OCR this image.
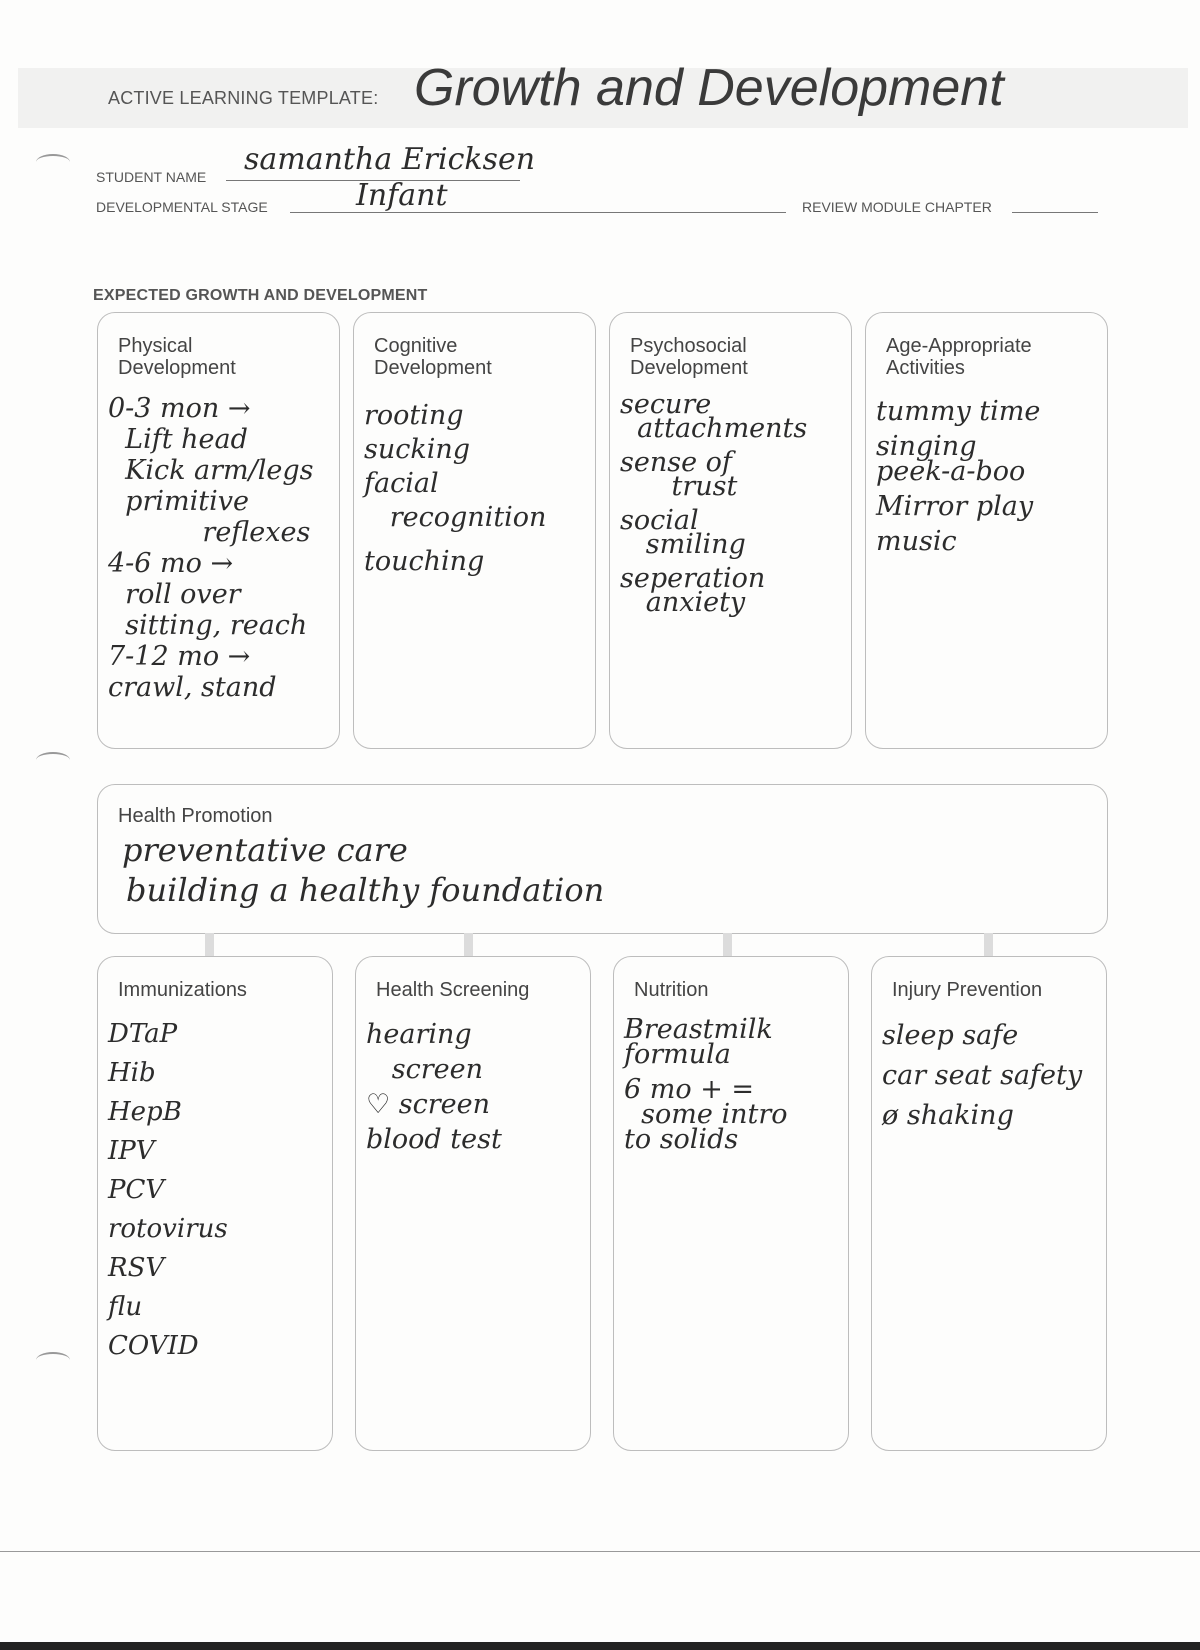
ACTIVE LEARNING TEMPLATE: Growth and Development
STUDENT NAME samantha Ericksen
DEVELOPMENTAL STAGE	Infant	REVIEW MODULE CHAPTER
EXPECTED GROWTH AND DEVELOPMENT
Physical
Development
0-3 mon →
Lift head
Kick arm/legs
primitive
reflexes
4-6 mo →
roll over
sitting, reach
7-12 mo →
crawl, stand
Cognitive
Development
rooting
sucking
facial
recognition

touching
Psychosocial
Development
secure
attachments

sense of
trust

social
smiling

seperation
anxiety
Age-Appropriate
Activities
tummy time

singing
peek-a-boo

Mirror play

music
Health Promotion
preventative care
building a healthy foundation
Immunizations
DTaP
Hib
HepB
IPV
PCV
rotovirus
RSV
flu
COVID
Health Screening
hearing
screen
♡ screen
blood test
Nutrition
Breastmilk
formula

6 mo + =
some intro
to solids
Injury Prevention
sleep safe

car seat safety

ø shaking
